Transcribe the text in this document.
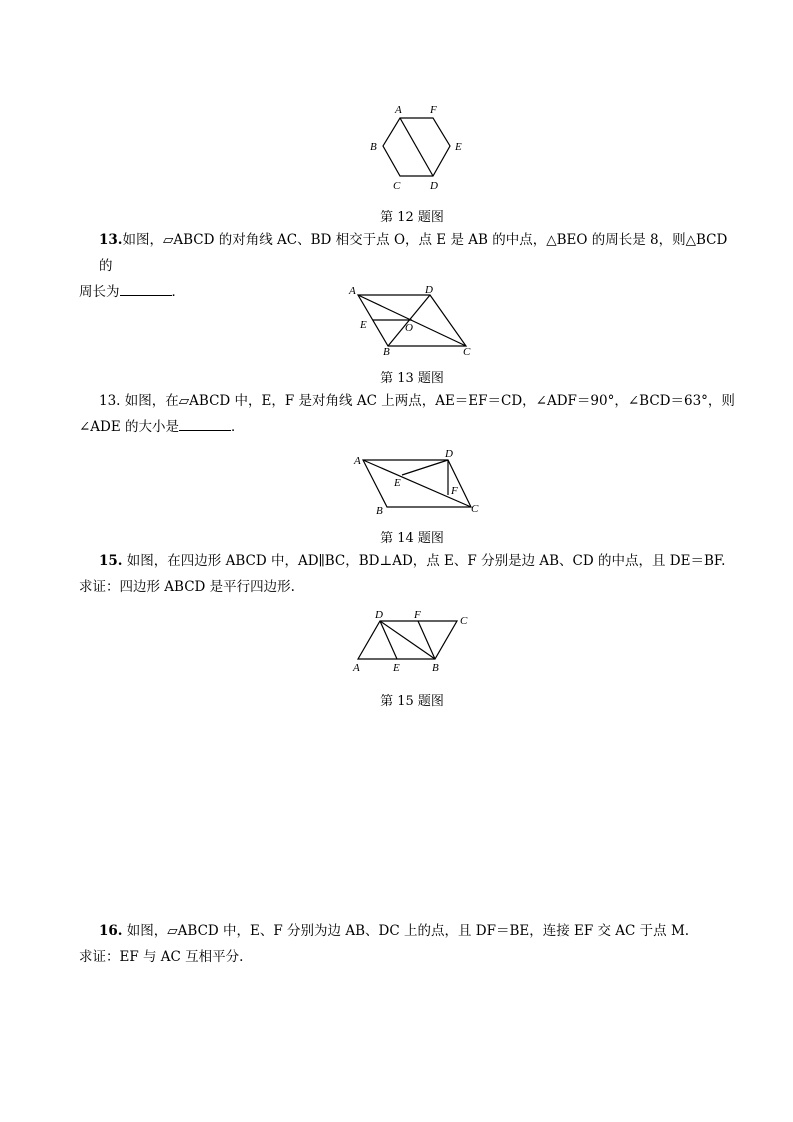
A	F
B	E
C	D
第 12 题图
13.如图，▱ABCD 的对角线 AC、BD 相交于点 O，点 E 是 AB 的中点，△BEO 的周长是 8，则△BCD 的
周长为	．	A	D
E	O
B	C
第 13 题图
13. 如图，在▱ABCD 中，E，F 是对角线 AC 上两点，AE＝EF＝CD，∠ADF＝90°，∠BCD＝63°，则
∠ADE 的大小是	．
A
D
E
F
B	C
第 14 题图
15. 如图，在四边形 ABCD 中，AD∥BC，BD⊥AD，点 E、F 分别是边 AB、CD 的中点，且 DE＝BF.
求证：四边形 ABCD 是平行四边形.
D	F	C
A	E	B
第 15 题图
16. 如图，▱ABCD 中，E、F 分别为边 AB、DC 上的点，且 DF＝BE，连接 EF 交 AC 于点 M.
求证：EF 与 AC 互相平分.
